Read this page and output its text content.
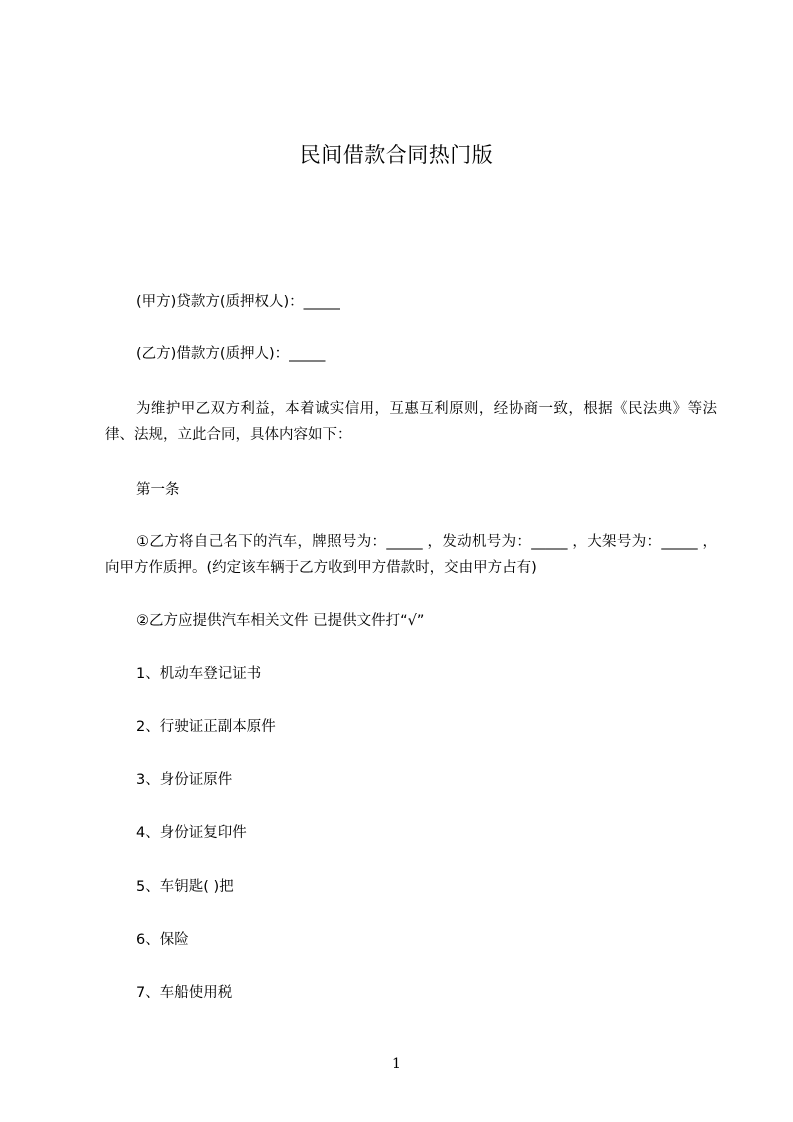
民间借款合同热门版
(甲方)贷款方(质押权人)：_____
(乙方)借款方(质押人)：_____
为维护甲乙双方利益，本着诚实信用，互惠互利原则，经协商一致，根据《民法典》等法律、法规，立此合同，具体内容如下：
第一条
①乙方将自己名下的汽车，牌照号为：_____ ，发动机号为：_____ ，大架号为：_____ ，向甲方作质押。(约定该车辆于乙方收到甲方借款时，交由甲方占有)
②乙方应提供汽车相关文件 已提供文件打“√”
1、机动车登记证书
2、行驶证正副本原件
3、身份证原件
4、身份证复印件
5、车钥匙( )把
6、保险
7、车船使用税
1
